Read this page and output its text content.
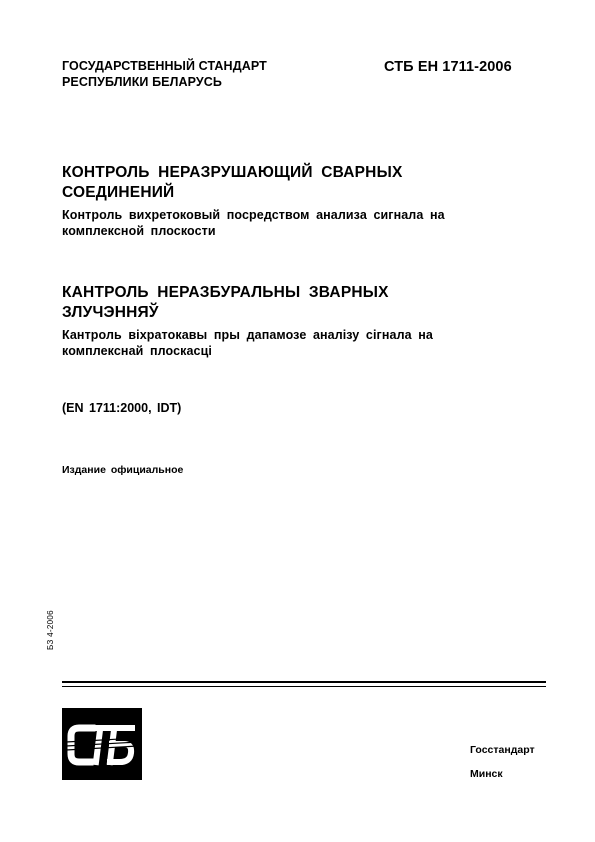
ГОСУДАРСТВЕННЫЙ СТАНДАРТ
РЕСПУБЛИКИ БЕЛАРУСЬ
СТБ ЕН 1711-2006
КОНТРОЛЬ НЕРАЗРУШАЮЩИЙ СВАРНЫХ
СОЕДИНЕНИЙ
Контроль вихретоковый посредством анализа сигнала на
комплексной плоскости
КАНТРОЛЬ НЕРАЗБУРАЛЬНЫ ЗВАРНЫХ
ЗЛУЧЭННЯЎ
Кантроль віхратокавы пры дапамозе аналізу сігнала на
комплекснай плоскасці
(EN 1711:2000, IDT)
Издание официальное
БЗ 4-2006
Госстандарт
Минск
